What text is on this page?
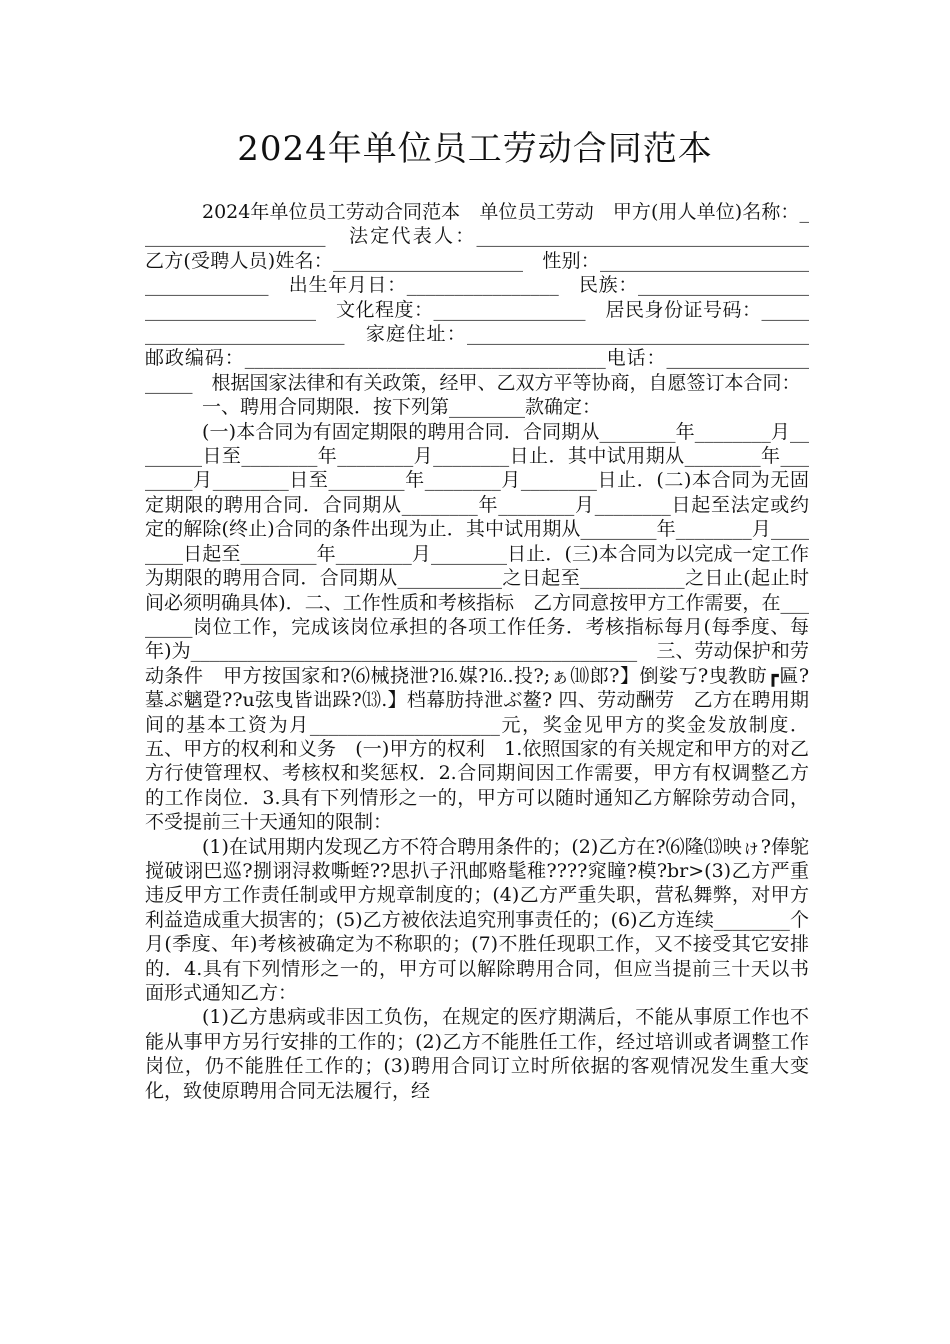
2024年单位员工劳动合同范本

2024年单位员工劳动合同范本　单位员工劳动　甲方(用人单位)名称：____________________　法定代表人：___________________________________　乙方(受聘人员)姓名：____________________　性别：___________________________________　出生年月日：________________　民族：____________________________________　文化程度：________________　居民身份证号码：__________________________　家庭住址：____________________________________　邮政编码：______________________________________电话：____________________　根据国家法律和有关政策，经甲、乙双方平等协商，自愿签订本合同：

一、聘用合同期限．按下列第________款确定：

(一)本合同为有固定期限的聘用合同．合同期从________年________月________日至________年________月________日止．其中试用期从________年________月________日至________年________月________日止．(二)本合同为无固定期限的聘用合同．合同期从________年________月________日起至法定或约定的解除(终止)合同的条件出现为止．其中试用期从________年________月________日起至________年________月________日止．(三)本合同为以完成一定工作为期限的聘用合同．合同期从___________之日起至___________之日止(起止时间必须明确具体)．二、工作性质和考核指标　乙方同意按甲方工作需要，在________岗位工作，完成该岗位承担的各项工作任务．考核指标每月(每季度、每年)为_______________________________________________　三、劳动保护和劳动条件　甲方按国家和?⑹械挠泄?⒗媒?⒗.投?;ぁ⑽郎?】倒娑丂?曳教眆┏匾?墓ぶ魑跫??u弦曳皆诎跺?⒀.】档幕肪持泄ぶ鳌? 四、劳动酬劳　乙方在聘用期间的基本工资为月____________________元，奖金见甲方的奖金发放制度．五、甲方的权利和义务　(一)甲方的权利　1.依照国家的有关规定和甲方的对乙方行使管理权、考核权和奖惩权．2.合同期间因工作需要，甲方有权调整乙方的工作岗位．3.具有下列情形之一的，甲方可以随时通知乙方解除劳动合同，不受提前三十天通知的限制：

(1)在试用期内发现乙方不符合聘用条件的；(2)乙方在?⑹隆⒀映ゖ?俸鸵搅破诩巴巡?捌诩浔救嘶蛭??思扒子汛邮赂髦稚????窕瞳?模?br>(3)乙方严重违反甲方工作责任制或甲方规章制度的；(4)乙方严重失职，营私舞弊，对甲方利益造成重大损害的；(5)乙方被依法追究刑事责任的；(6)乙方连续________个月(季度、年)考核被确定为不称职的；(7)不胜任现职工作，又不接受其它安排的．4.具有下列情形之一的，甲方可以解除聘用合同，但应当提前三十天以书面形式通知乙方：

(1)乙方患病或非因工负伤，在规定的医疗期满后，不能从事原工作也不能从事甲方另行安排的工作的；(2)乙方不能胜任工作，经过培训或者调整工作岗位，仍不能胜任工作的；(3)聘用合同订立时所依据的客观情况发生重大变化，致使原聘用合同无法履行，经
